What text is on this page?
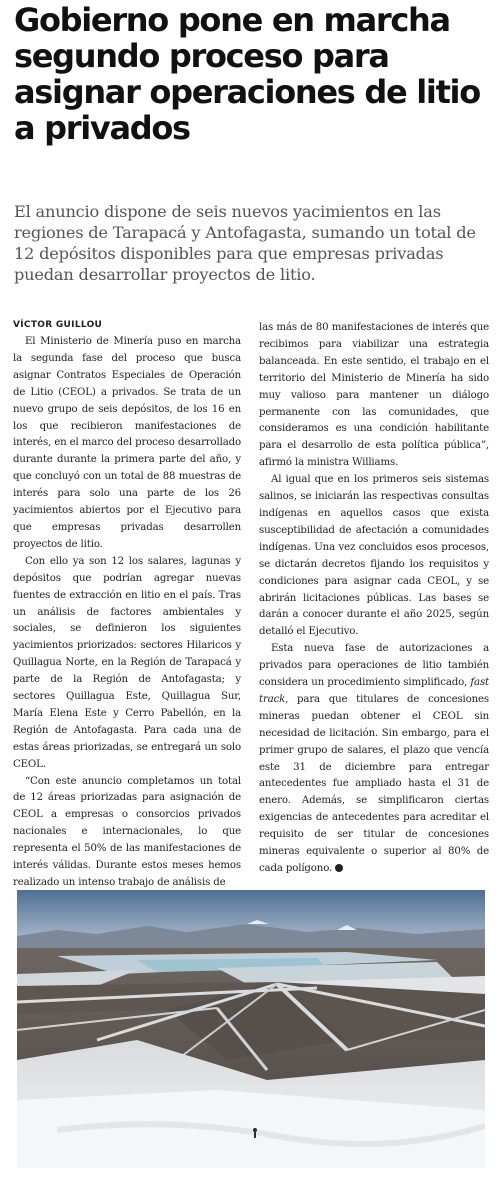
Gobierno pone en marcha segundo proceso para asignar operaciones de litio a privados

El anuncio dispone de seis nuevos yacimientos en las regiones de Tarapacá y Antofagasta, sumando un total de 12 depósitos disponibles para que empresas privadas puedan desarrollar proyectos de litio.

VÍCTOR GUILLOU

El Ministerio de Minería puso en marcha la segunda fase del proceso que busca asignar Contratos Especiales de Operación de Litio (CEOL) a privados. Se trata de un nuevo grupo de seis depósitos, de los 16 en los que recibieron manifestaciones de interés, en el marco del proceso desarrollado durante durante la primera parte del año, y que concluyó con un total de 88 muestras de interés para solo una parte de los 26 yacimientos abiertos por el Ejecutivo para que empresas privadas desarrollen proyectos de litio.

Con ello ya son 12 los salares, lagunas y depósitos que podrían agregar nuevas fuentes de extracción en litio en el país. Tras un análisis de factores ambientales y sociales, se definieron los siguientes yacimientos priorizados: sectores Hilaricos y Quillagua Norte, en la Región de Tarapacá y parte de la Región de Antofagasta; y sectores Quillagua Este, Quillagua Sur, María Elena Este y Cerro Pabellón, en la Región de Antofagasta. Para cada una de estas áreas priorizadas, se entregará un solo CEOL.

“Con este anuncio completamos un total de 12 áreas priorizadas para asignación de CEOL a empresas o consorcios privados nacionales e internacionales, lo que representa el 50% de las manifestaciones de interés válidas. Durante estos meses hemos realizado un intenso trabajo de análisis de

las más de 80 manifestaciones de interés que recibimos para viabilizar una estrategia balanceada. En este sentido, el trabajo en el territorio del Ministerio de Minería ha sido muy valioso para mantener un diálogo permanente con las comunidades, que consideramos es una condición habilitante para el desarrollo de esta política pública”, afirmó la ministra Williams.

Al igual que en los primeros seis sistemas salinos, se iniciarán las respectivas consultas indígenas en aquellos casos que exista susceptibilidad de afectación a comunidades indígenas. Una vez concluidos esos procesos, se dictarán decretos fijando los requisitos y condiciones para asignar cada CEOL, y se abrirán licitaciones públicas. Las bases se darán a conocer durante el año 2025, según detalló el Ejecutivo.

Esta nueva fase de autorizaciones a privados para operaciones de litio también considera un procedimiento simplificado, fast track, para que titulares de concesiones mineras puedan obtener el CEOL sin necesidad de licitación. Sin embargo, para el primer grupo de salares, el plazo que vencía este 31 de diciembre para entregar antecedentes fue ampliado hasta el 31 de enero. Además, se simplificaron ciertas exigencias de antecedentes para acreditar el requisito de ser titular de concesiones mineras equivalente o superior al 80% de cada polígono.
